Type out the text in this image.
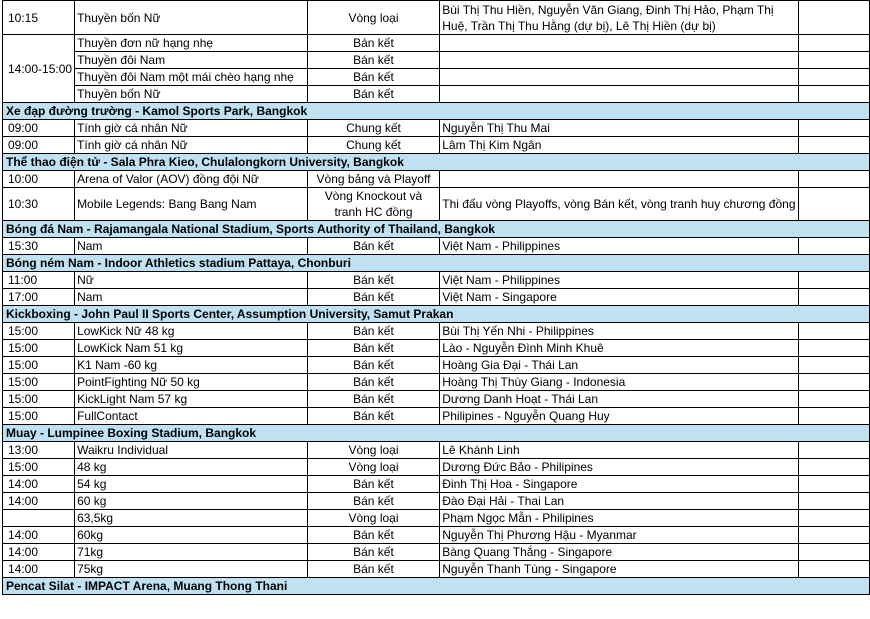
10:15	Thuyền bốn Nữ	Vòng loại	Bùi Thị Thu Hiền, Nguyễn Văn Giang, Đinh Thị Hảo, Phạm Thị Huệ, Trần Thị Thu Hằng (dự bị), Lê Thị Hiền (dự bị)	
14:00-15:00	Thuyền đơn nữ hạng nhẹ	Bán kết		
	Thuyền đôi Nam	Bán kết		
	Thuyền đôi Nam một mái chèo hạng nhẹ	Bán kết		
	Thuyền bốn Nữ	Bán kết		
Xe đạp đường trường - Kamol Sports Park, Bangkok				
09:00	Tính giờ cá nhân Nữ	Chung kết	Nguyễn Thị Thu Mai	
09:00	Tính giờ cá nhân Nữ	Chung kết	Lâm Thị Kim Ngân	
Thể thao điện tử - Sala Phra Kieo, Chulalongkorn University, Bangkok				
10:00	Arena of Valor (AOV) đồng đội Nữ	Vòng bảng và Playoff		
10:30	Mobile Legends: Bang Bang Nam	Vòng Knockout và tranh HC đồng	Thi đấu vòng Playoffs, vòng Bán kết, vòng tranh huy chương đồng	
Bóng đá Nam - Rajamangala National Stadium, Sports Authority of Thailand, Bangkok				
15:30	Nam	Bán kết	Việt Nam - Philippines	
Bóng ném Nam - Indoor Athletics stadium Pattaya, Chonburi				
11:00	Nữ	Bán kết	Việt Nam - Philippines	
17:00	Nam	Bán kết	Việt Nam - Singapore	
Kickboxing - John Paul II Sports Center, Assumption University, Samut Prakan				
15:00	LowKick Nữ 48 kg	Bán kết	Bùi Thị Yến Nhi - Philippines	
15:00	LowKick Nam 51 kg	Bán kết	Lào - Nguyễn Đình Minh Khuê	
15:00	K1 Nam -60 kg	Bán kết	Hoàng Gia Đại - Thái Lan	
15:00	PointFighting Nữ 50 kg	Bán kết	Hoàng Thị Thùy Giang - Indonesia	
15:00	KickLight Nam 57 kg	Bán kết	Dương Danh Hoạt - Thái Lan	
15:00	FullContact	Bán kết	Philipines - Nguyễn Quang Huy	
Muay - Lumpinee Boxing Stadium, Bangkok				
13:00	Waikru Individual	Vòng loại	Lê Khánh Linh	
15:00	48 kg	Vòng loại	Dương Đức Bảo - Philipines	
14:00	54 kg	Bán kết	Đinh Thị Hoa - Singapore	
14:00	60 kg	Bán kết	Đào Đại Hải - Thai Lan	
	63,5kg	Vòng loại	Phạm Ngọc Mẫn - Philipines	
14:00	60kg	Bán kết	Nguyễn Thị Phương Hậu - Myanmar	
14:00	71kg	Bán kết	Bàng Quang Thắng - Singapore	
14:00	75kg	Bán kết	Nguyễn Thanh Tùng - Singapore	
Pencat Silat - IMPACT Arena, Muang Thong Thani				
